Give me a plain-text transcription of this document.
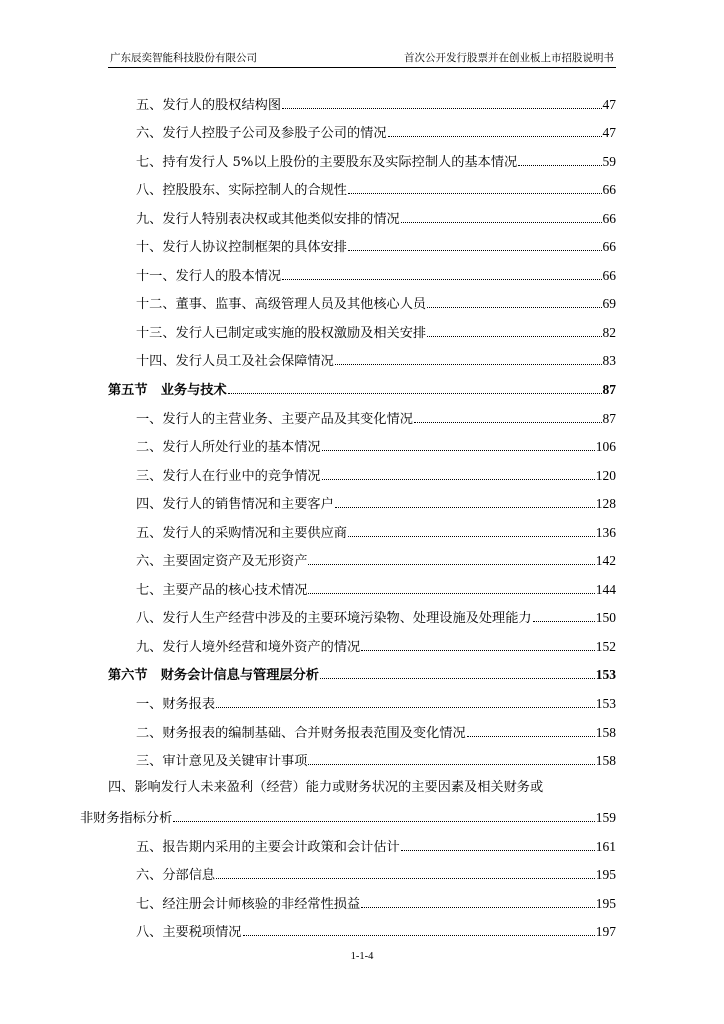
广东辰奕智能科技股份有限公司	首次公开发行股票并在创业板上市招股说明书
五、发行人的股权结构图	47
六、发行人控股子公司及参股子公司的情况	47
七、持有发行人 5%以上股份的主要股东及实际控制人的基本情况	59
八、控股股东、实际控制人的合规性	66
九、发行人特别表决权或其他类似安排的情况	66
十、发行人协议控制框架的具体安排	66
十一、发行人的股本情况	66
十二、董事、监事、高级管理人员及其他核心人员	69
十三、发行人已制定或实施的股权激励及相关安排	82
十四、发行人员工及社会保障情况	83
第五节　业务与技术	87
一、发行人的主营业务、主要产品及其变化情况	87
二、发行人所处行业的基本情况	106
三、发行人在行业中的竞争情况	120
四、发行人的销售情况和主要客户	128
五、发行人的采购情况和主要供应商	136
六、主要固定资产及无形资产	142
七、主要产品的核心技术情况	144
八、发行人生产经营中涉及的主要环境污染物、处理设施及处理能力	150
九、发行人境外经营和境外资产的情况	152
第六节　财务会计信息与管理层分析	153
一、财务报表	153
二、财务报表的编制基础、合并财务报表范围及变化情况	158
三、审计意见及关键审计事项	158
四、影响发行人未来盈利（经营）能力或财务状况的主要因素及相关财务或
非财务指标分析	159
五、报告期内采用的主要会计政策和会计估计	161
六、分部信息	195
七、经注册会计师核验的非经常性损益	195
八、主要税项情况	197
1-1-4
